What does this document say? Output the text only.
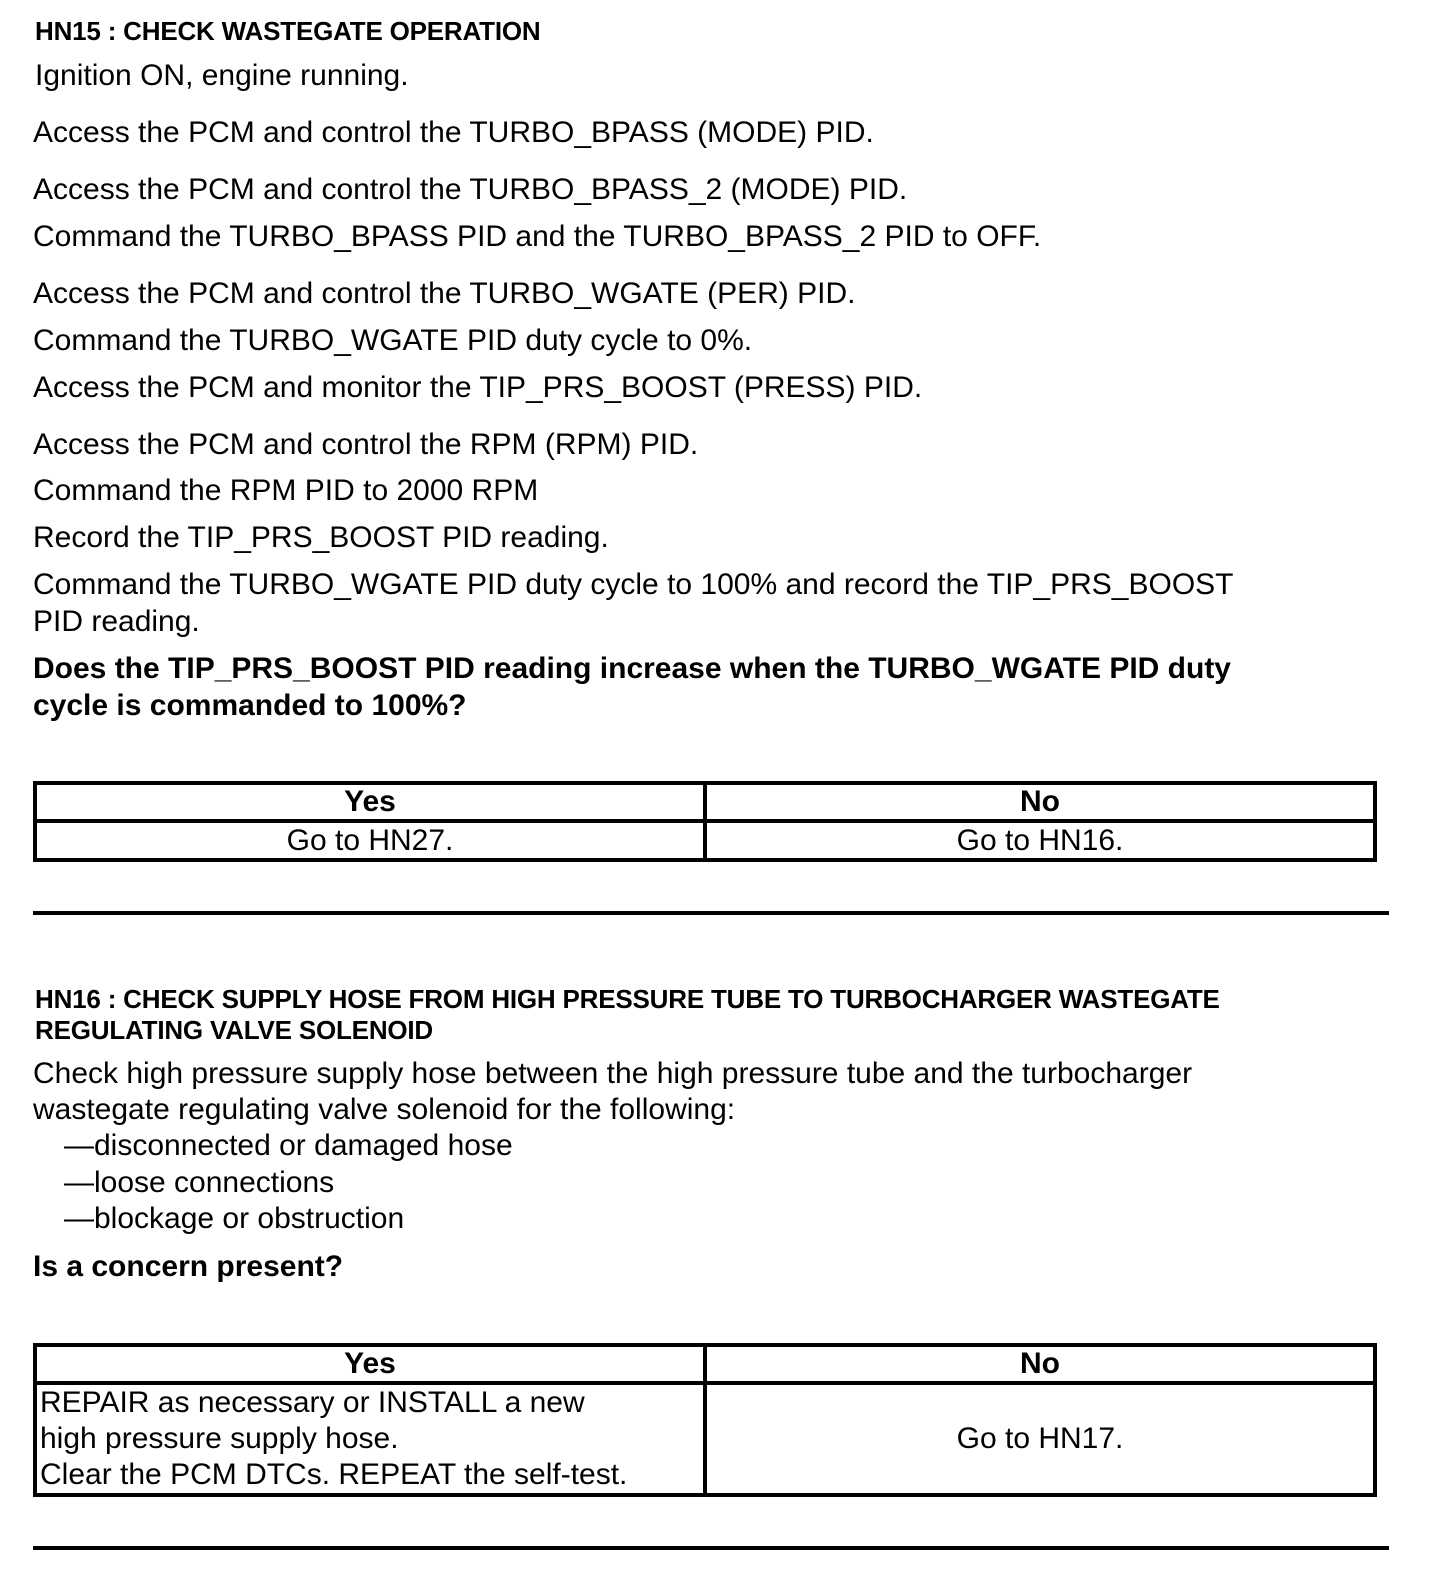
HN15 : CHECK WASTEGATE OPERATION
Ignition ON, engine running.
Access the PCM and control the TURBO_BPASS (MODE) PID.
Access the PCM and control the TURBO_BPASS_2 (MODE) PID.
Command the TURBO_BPASS PID and the TURBO_BPASS_2 PID to OFF.
Access the PCM and control the TURBO_WGATE (PER) PID.
Command the TURBO_WGATE PID duty cycle to 0%.
Access the PCM and monitor the TIP_PRS_BOOST (PRESS) PID.
Access the PCM and control the RPM (RPM) PID.
Command the RPM PID to 2000 RPM
Record the TIP_PRS_BOOST PID reading.
Command the TURBO_WGATE PID duty cycle to 100% and record the TIP_PRS_BOOST
PID reading.
Does the TIP_PRS_BOOST PID reading increase when the TURBO_WGATE PID duty
cycle is commanded to 100%?
Yes	No
Go to HN27.	Go to HN16.
HN16 : CHECK SUPPLY HOSE FROM HIGH PRESSURE TUBE TO TURBOCHARGER WASTEGATE
REGULATING VALVE SOLENOID
Check high pressure supply hose between the high pressure tube and the turbocharger
wastegate regulating valve solenoid for the following:
—disconnected or damaged hose
—loose connections
—blockage or obstruction
Is a concern present?
Yes	No

REPAIR as necessary or INSTALL a new
high pressure supply hose.
Clear the PCM DTCs. REPEAT the self-test.	Go to HN17.
